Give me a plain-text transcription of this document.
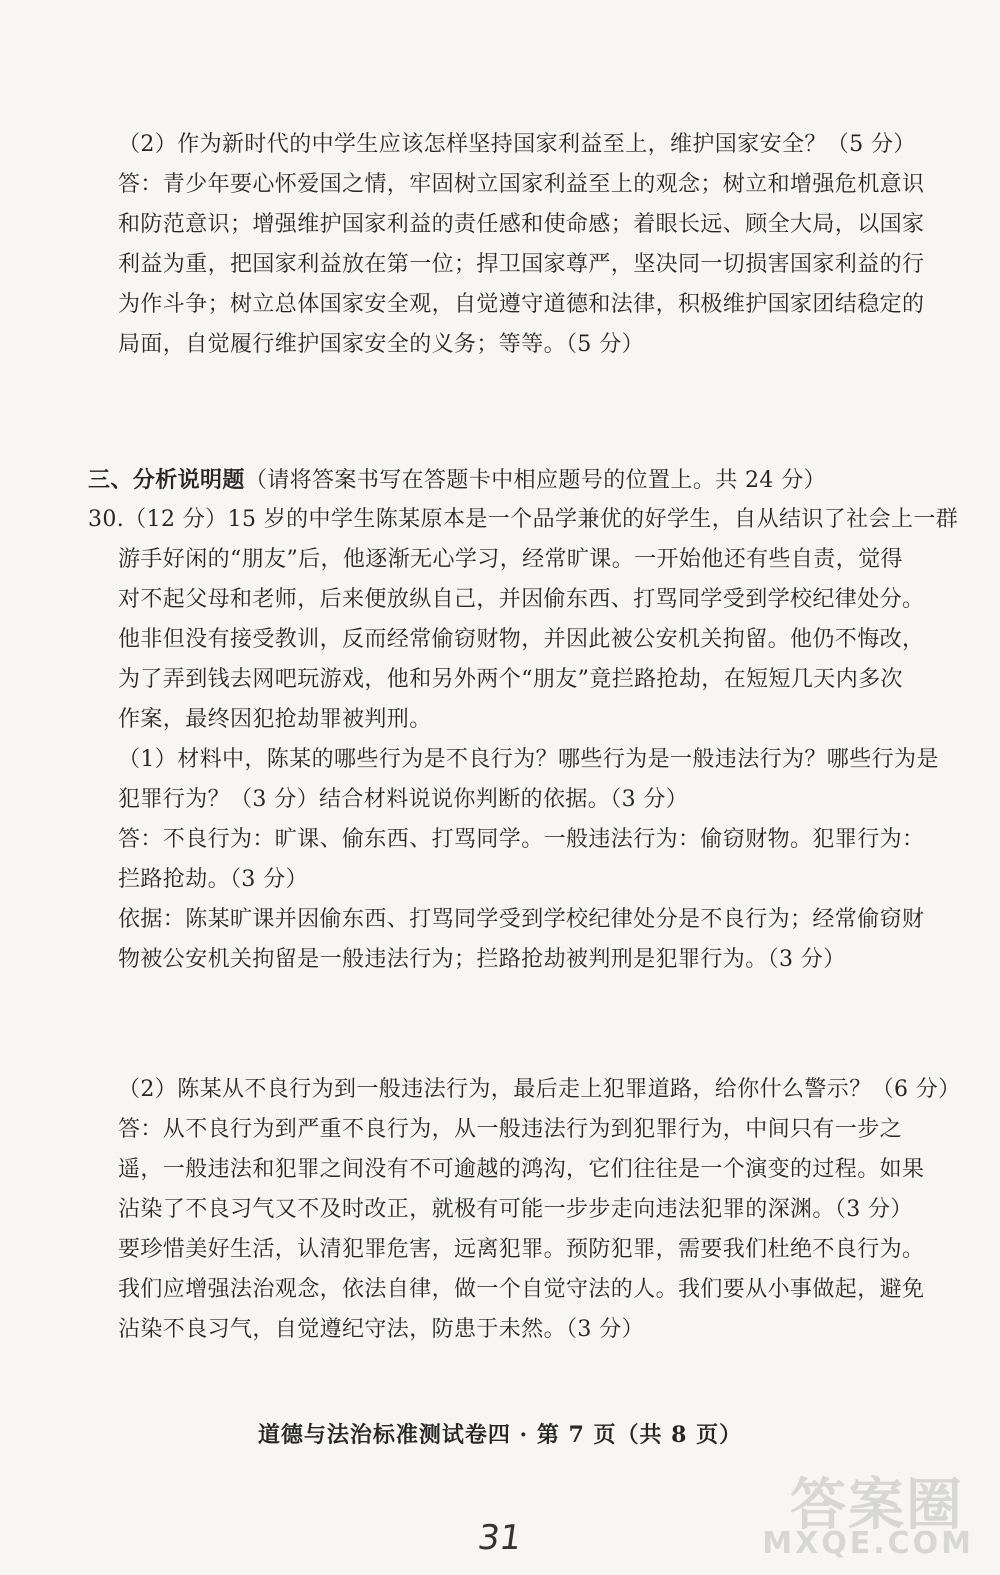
（2）作为新时代的中学生应该怎样坚持国家利益至上，维护国家安全？（5 分）
答：青少年要心怀爱国之情，牢固树立国家利益至上的观念；树立和增强危机意识
和防范意识；增强维护国家利益的责任感和使命感；着眼长远、顾全大局，以国家
利益为重，把国家利益放在第一位；捍卫国家尊严，坚决同一切损害国家利益的行
为作斗争；树立总体国家安全观，自觉遵守道德和法律，积极维护国家团结稳定的
局面，自觉履行维护国家安全的义务；等等。（5 分）
三、分析说明题（请将答案书写在答题卡中相应题号的位置上。共 24 分）
30.（12 分）15 岁的中学生陈某原本是一个品学兼优的好学生，自从结识了社会上一群
游手好闲的“朋友”后，他逐渐无心学习，经常旷课。一开始他还有些自责，觉得
对不起父母和老师，后来便放纵自己，并因偷东西、打骂同学受到学校纪律处分。
他非但没有接受教训，反而经常偷窃财物，并因此被公安机关拘留。他仍不悔改，
为了弄到钱去网吧玩游戏，他和另外两个“朋友”竟拦路抢劫，在短短几天内多次
作案，最终因犯抢劫罪被判刑。
（1）材料中，陈某的哪些行为是不良行为？哪些行为是一般违法行为？哪些行为是
犯罪行为？（3 分）结合材料说说你判断的依据。（3 分）
答：不良行为：旷课、偷东西、打骂同学。一般违法行为：偷窃财物。犯罪行为：
拦路抢劫。（3 分）
依据：陈某旷课并因偷东西、打骂同学受到学校纪律处分是不良行为；经常偷窃财
物被公安机关拘留是一般违法行为；拦路抢劫被判刑是犯罪行为。（3 分）
（2）陈某从不良行为到一般违法行为，最后走上犯罪道路，给你什么警示？（6 分）
答：从不良行为到严重不良行为，从一般违法行为到犯罪行为，中间只有一步之
遥，一般违法和犯罪之间没有不可逾越的鸿沟，它们往往是一个演变的过程。如果
沾染了不良习气又不及时改正，就极有可能一步步走向违法犯罪的深渊。（3 分）
要珍惜美好生活，认清犯罪危害，远离犯罪。预防犯罪，需要我们杜绝不良行为。
我们应增强法治观念，依法自律，做一个自觉守法的人。我们要从小事做起，避免
沾染不良习气，自觉遵纪守法，防患于未然。（3 分）
道德与法治标准测试卷四 · 第 7 页（共 8 页）
31	答案圈
MXQE.COM
